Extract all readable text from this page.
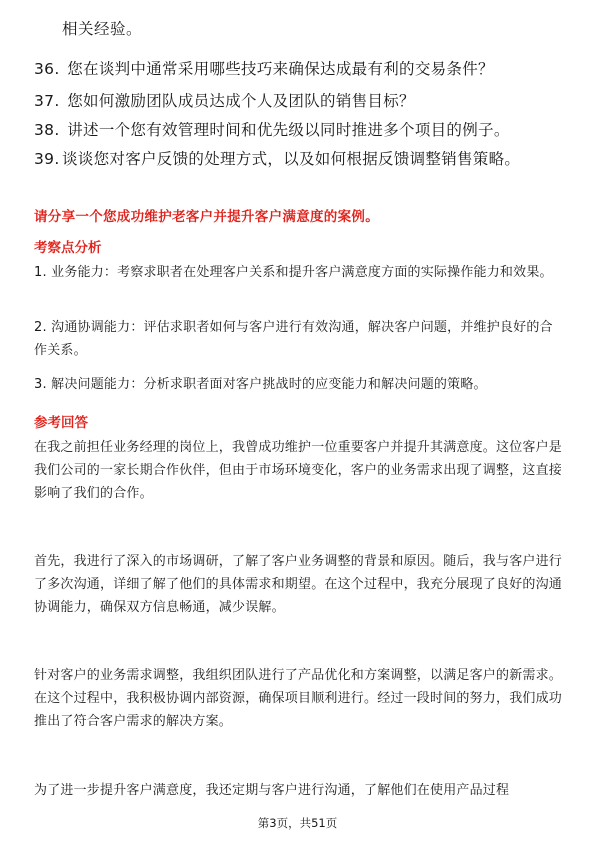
相关经验。
36. 您在谈判中通常采用哪些技巧来确保达成最有利的交易条件？
37. 您如何激励团队成员达成个人及团队的销售目标？
38. 讲述一个您有效管理时间和优先级以同时推进多个项目的例子。
39. 谈谈您对客户反馈的处理方式，以及如何根据反馈调整销售策略。
请分享一个您成功维护老客户并提升客户满意度的案例。
考察点分析
1. 业务能力：考察求职者在处理客户关系和提升客户满意度方面的实际操作能力和效果。
2. 沟通协调能力：评估求职者如何与客户进行有效沟通，解决客户问题，并维护良好的合作关系。
3. 解决问题能力：分析求职者面对客户挑战时的应变能力和解决问题的策略。
参考回答
在我之前担任业务经理的岗位上，我曾成功维护一位重要客户并提升其满意度。这位客户是我们公司的一家长期合作伙伴，但由于市场环境变化，客户的业务需求出现了调整，这直接影响了我们的合作。
首先，我进行了深入的市场调研，了解了客户业务调整的背景和原因。随后，我与客户进行了多次沟通，详细了解了他们的具体需求和期望。在这个过程中，我充分展现了良好的沟通协调能力，确保双方信息畅通，减少误解。
针对客户的业务需求调整，我组织团队进行了产品优化和方案调整，以满足客户的新需求。在这个过程中，我积极协调内部资源，确保项目顺利进行。经过一段时间的努力，我们成功推出了符合客户需求的解决方案。
为了进一步提升客户满意度，我还定期与客户进行沟通，了解他们在使用产品过程
第3页，共51页
